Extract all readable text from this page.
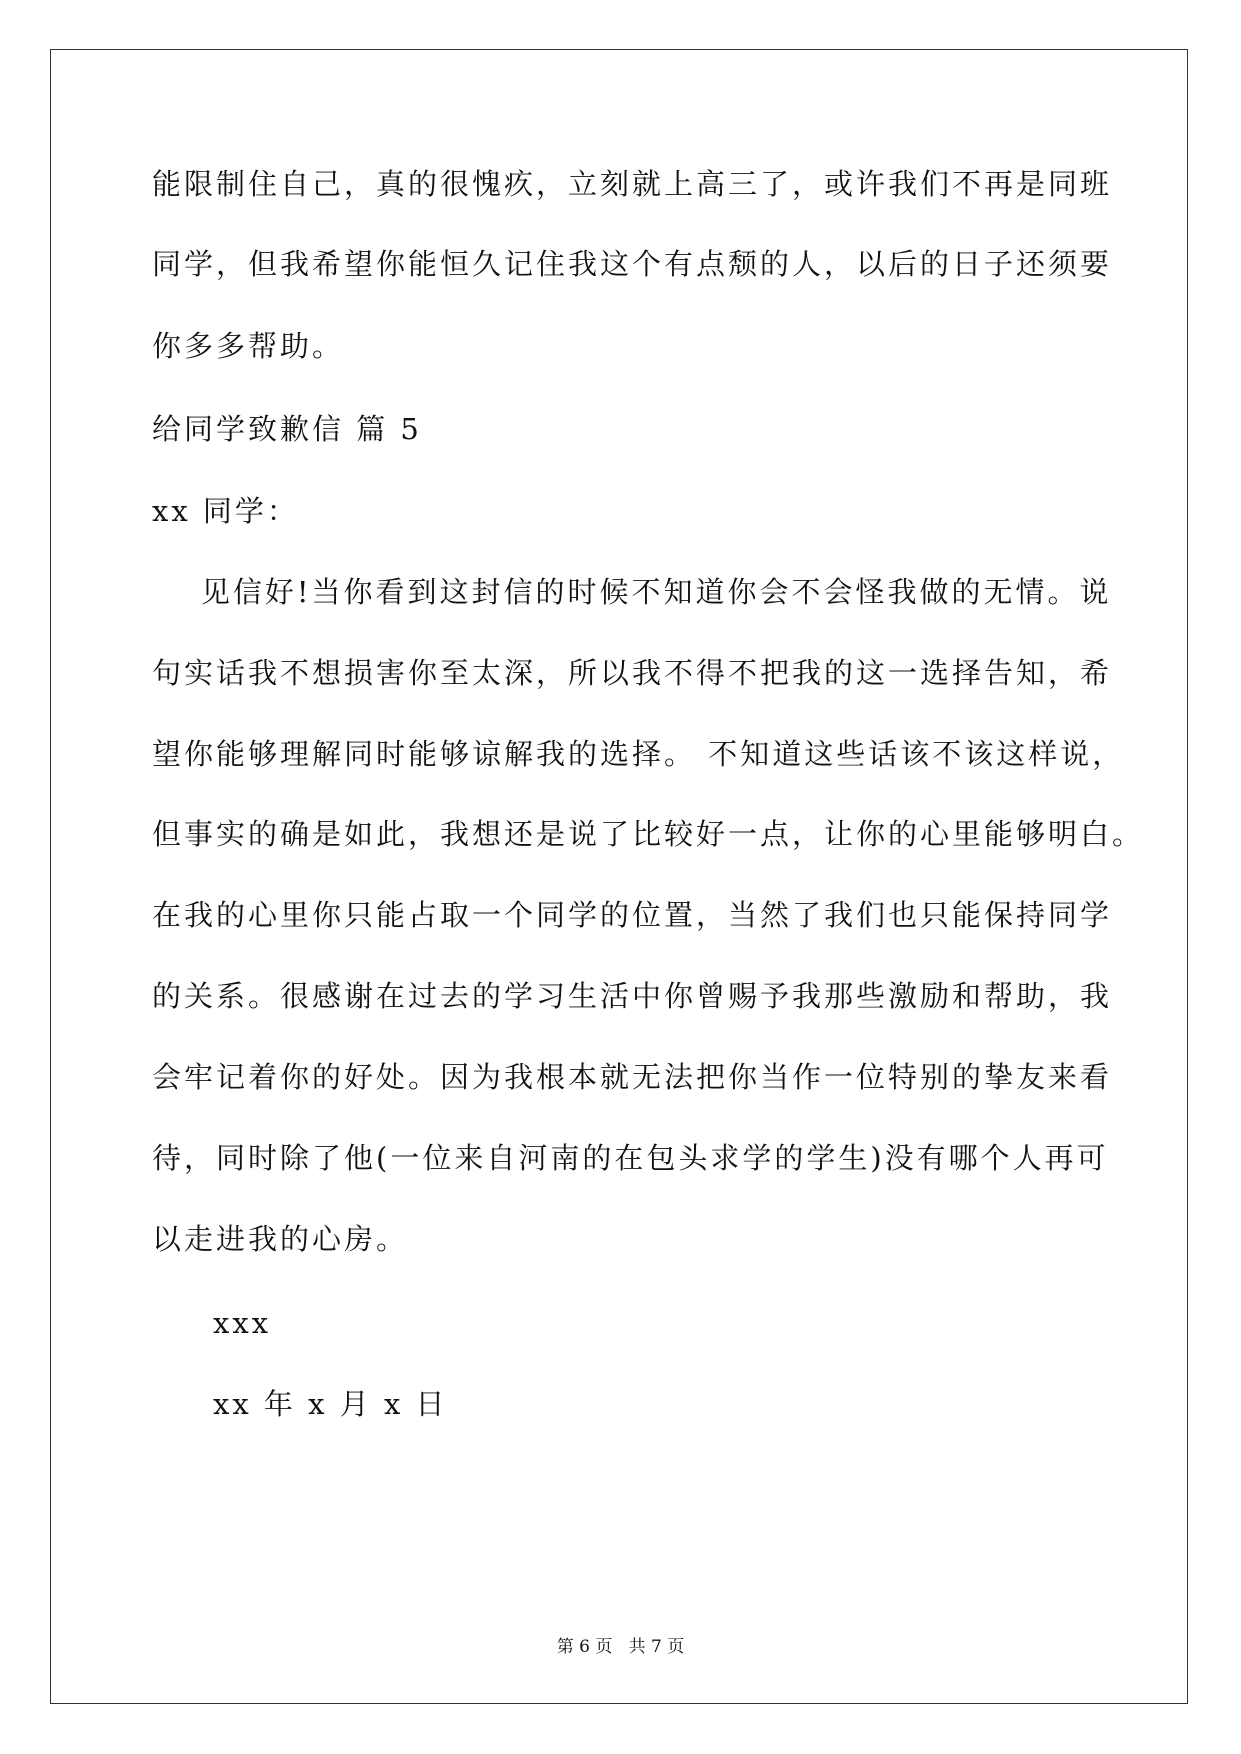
能限制住自己，真的很愧疚，立刻就上高三了，或许我们不再是同班
同学，但我希望你能恒久记住我这个有点颓的人，以后的日子还须要
你多多帮助。
给同学致歉信 篇 5
xx 同学：
见信好!当你看到这封信的时候不知道你会不会怪我做的无情。说
句实话我不想损害你至太深，所以我不得不把我的这一选择告知，希
望你能够理解同时能够谅解我的选择。 不知道这些话该不该这样说，
但事实的确是如此，我想还是说了比较好一点，让你的心里能够明白。
在我的心里你只能占取一个同学的位置，当然了我们也只能保持同学
的关系。很感谢在过去的学习生活中你曾赐予我那些激励和帮助，我
会牢记着你的好处。因为我根本就无法把你当作一位特别的挚友来看
待，同时除了他(一位来自河南的在包头求学的学生)没有哪个人再可
以走进我的心房。
xxx
xx 年 x 月 x 日
第 6 页   共 7 页
